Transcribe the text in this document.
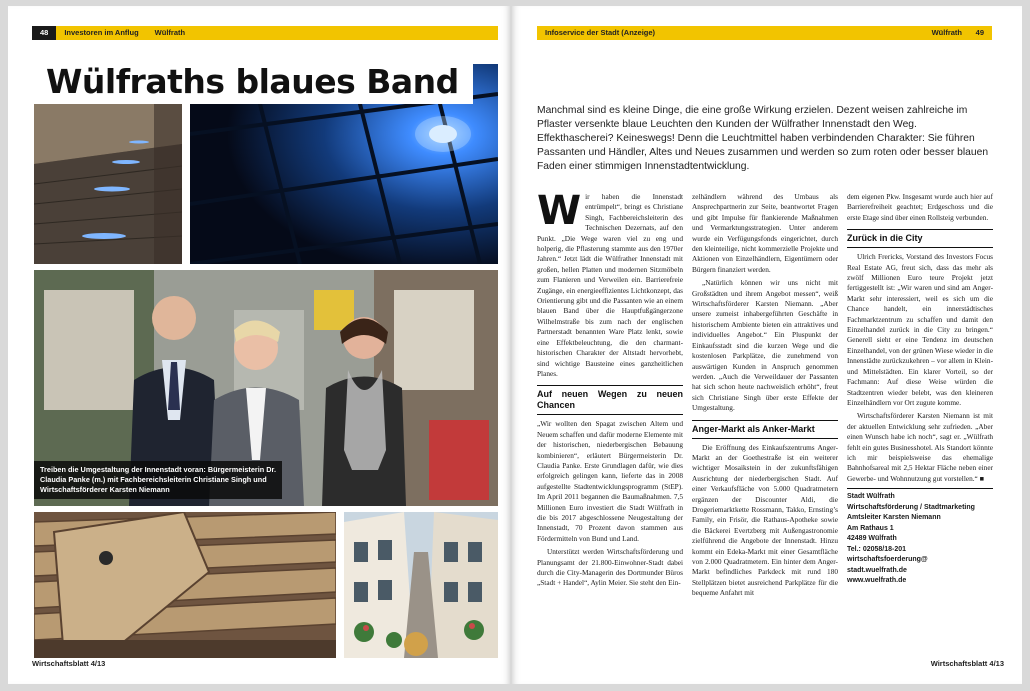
48 Investoren im Anflug Wülfrath
Wülfraths blaues Band
Treiben die Umgestaltung der Innenstadt voran: Bürgermeisterin Dr. Claudia Panke (m.) mit Fachbereichsleiterin Christiane Singh und Wirtschaftsförderer Karsten Niemann
Wirtschaftsblatt 4/13
Infoservice der Stadt (Anzeige)	Wülfrath	49
Manchmal sind es kleine Dinge, die eine große Wirkung erzielen. Dezent weisen zahlreiche im Pflaster versenkte blaue Leuchten den Kunden der Wülfrather Innenstadt den Weg. Effekthascherei? Keineswegs! Denn die Leuchtmittel haben verbindenden Charakter: Sie führen Passanten und Händler, Altes und Neues zusammen und werden so zum roten oder besser blauen Faden einer stimmigen Innenstadtentwicklung.

Wir haben die Innenstadt entrümpelt“, bringt es Christiane Singh, Fachbereichsleiterin des Technischen Dezernats, auf den Punkt. „Die Wege waren viel zu eng und holperig, die Pflasterung stammte aus den 1970er Jahren.“ Jetzt lädt die Wülfrather Innenstadt mit großen, hellen Platten und modernen Sitzmöbeln zum Flanieren und Verweilen ein. Barrierefreie Zugänge, ein energieeffizientes Lichtkonzept, das Orientierung gibt und die Passanten wie an einem blauen Band über die Hauptfußgängerzone Wilhelmstraße bis zum nach der englischen Partnerstadt benannten Ware Platz lenkt, sowie eine Effektbeleuchtung, die den charmant-historischen Charakter der Altstadt hervorhebt, sind wichtige Bausteine eines ganzheitlichen Planes.

Auf neuen Wegen zu neuen Chancen

„Wir wollten den Spagat zwischen Altem und Neuem schaffen und dafür moderne Elemente mit der historischen, niederbergischen Bebauung kombinieren“, erläutert Bürgermeisterin Dr. Claudia Panke. Erste Grundlagen dafür, wie dies erfolgreich gelingen kann, lieferte das in 2008 aufgestellte Stadtentwicklungsprogramm (StEP). Im April 2011 begannen die Baumaßnahmen. 7,5 Millionen Euro investiert die Stadt Wülfrath in die bis 2017 abgeschlossene Neugestaltung der Innenstadt, 70 Prozent davon stammen aus Fördermitteln von Bund und Land.

Unterstützt werden Wirtschaftsförderung und Planungsamt der 21.800-Einwohner-Stadt dabei durch die City-Managerin des Dortmunder Büros „Stadt + Handel“, Aylin Meier. Sie steht den Ein-

zelhändlern während des Umbaus als Ansprechpartnerin zur Seite, beantwortet Fragen und gibt Impulse für flankierende Maßnahmen und Vermarktungsstrategien. Unter anderem wurde ein Verfügungsfonds eingerichtet, durch den kleinteilige, nicht kommerzielle Projekte und Aktionen von Einzelhändlern, Eigentümern oder Bürgern finanziert werden.

„Natürlich können wir uns nicht mit Großstädten und ihrem Angebot messen“, weiß Wirtschaftsförderer Karsten Niemann. „Aber unsere zumeist inhabergeführten Geschäfte in historischem Ambiente bieten ein attraktives und individuelles Angebot.“ Ein Pluspunkt der Einkaufsstadt sind die kurzen Wege und die kostenlosen Parkplätze, die zunehmend von auswärtigen Kunden in Anspruch genommen werden. „Auch die Verweildauer der Passanten hat sich schon heute nachweislich erhöht“, freut sich Christiane Singh über erste Effekte der Umgestaltung.

Anger-Markt als Anker-Markt

Die Eröffnung des Einkaufszentrums Anger-Markt an der Goethestraße ist ein weiterer wichtiger Mosaikstein in der zukunftsfähigen Ausrichtung der niederbergischen Stadt. Auf einer Verkaufsfläche von 5.000 Quadratmetern ergänzen der Discounter Aldi, die Drogeriemarktkette Rossmann, Takko, Ernsting’s Family, ein Frisör, die Rathaus-Apotheke sowie die Bäckerei Evertzberg mit Außengastronomie zielführend die Angebote der Innenstadt. Hinzu kommt ein Edeka-Markt mit einer Gesamtfläche von 2.000 Quadratmetern. Ein hinter dem Anger-Markt befindliches Parkdeck mit rund 180 Stellplätzen bietet ausreichend Parkplätze für die bequeme Anfahrt mit

dem eigenen Pkw. Insgesamt wurde auch hier auf Barrierefreiheit geachtet; Erdgeschoss und die erste Etage sind über einen Rollsteig verbunden.

Zurück in die City

Ulrich Frericks, Vorstand des Investors Focus Real Estate AG, freut sich, dass das mehr als zwölf Millionen Euro teure Projekt jetzt fertiggestellt ist: „Wir waren und sind am Anger-Markt sehr interessiert, weil es sich um die Chance handelt, ein innerstädtisches Fachmarktzentrum zu schaffen und damit den Einzelhandel zurück in die City zu bringen.“ Generell sieht er eine Tendenz im deutschen Einzelhandel, von der grünen Wiese wieder in die Innenstädte zurückzukehren – vor allem in Klein- und Mittelstädten. Ein klarer Vorteil, so der Fachmann: Auf diese Weise würden die Stadtzentren wieder belebt, was den kleineren Einzelhändlern vor Ort zugute komme.

Wirtschaftsförderer Karsten Niemann ist mit der aktuellen Entwicklung sehr zufrieden. „Aber einen Wunsch habe ich noch“, sagt er. „Wülfrath fehlt ein gutes Businesshotel. Als Standort könnte ich mir beispielsweise das ehemalige Bahnhofsareal mit 2,5 Hektar Fläche neben einer Gewerbe- und Wohnnutzung gut vorstellen.“ ■

Stadt Wülfrath
Wirtschaftsförderung / Stadtmarketing
Amtsleiter Karsten Niemann
Am Rathaus 1
42489 Wülfrath
Tel.: 02058/18-201
wirtschaftsfoerderung@
stadt.wuelfrath.de
www.wuelfrath.de
Wirtschaftsblatt 4/13
